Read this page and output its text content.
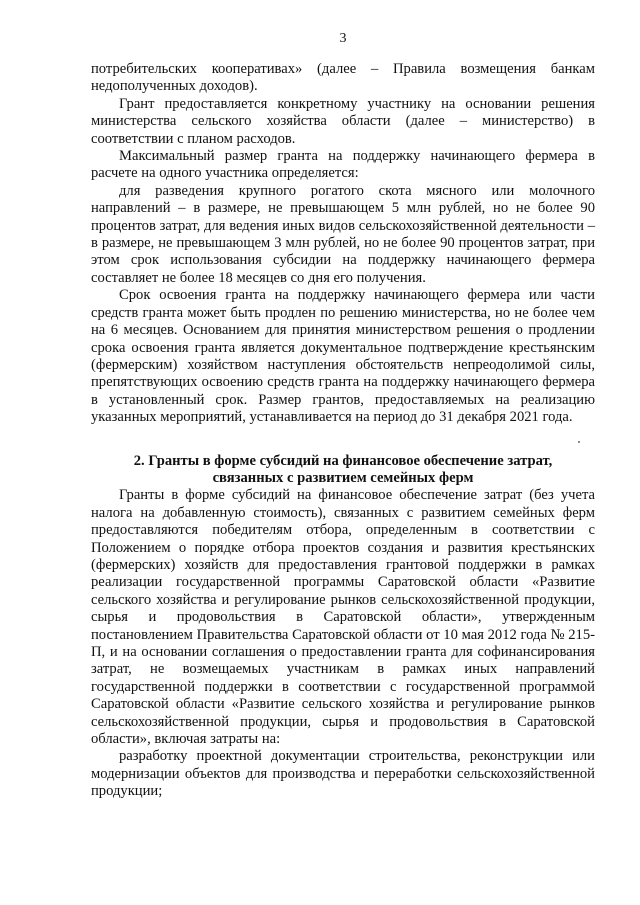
3

потребительских кооперативах» (далее – Правила возмещения банкам недополученных доходов).

Грант предоставляется конкретному участнику на основании решения министерства сельского хозяйства области (далее – министерство) в соответствии с планом расходов.

Максимальный размер гранта на поддержку начинающего фермера в расчете на одного участника определяется:

для разведения крупного рогатого скота мясного или молочного направлений – в размере, не превышающем 5 млн рублей, но не более 90 процентов затрат, для ведения иных видов сельскохозяйственной деятельности – в размере, не превышающем 3 млн рублей, но не более 90 процентов затрат, при этом срок использования субсидии на поддержку начинающего фермера составляет не более 18 месяцев со дня его получения.

Срок освоения гранта на поддержку начинающего фермера или части средств гранта может быть продлен по решению министерства, но не более чем на 6 месяцев. Основанием для принятия министерством решения о продлении срока освоения гранта является документальное подтверждение крестьянским (фермерским) хозяйством наступления обстоятельств непреодолимой силы, препятствующих освоению средств гранта на поддержку начинающего фермера в установленный срок. Размер грантов, предоставляемых на реализацию указанных мероприятий, устанавливается на период до 31 декабря 2021 года.

2. Гранты в форме субсидий на финансовое обеспечение затрат,
связанных с развитием семейных ферм

Гранты в форме субсидий на финансовое обеспечение затрат (без учета налога на добавленную стоимость), связанных с развитием семейных ферм предоставляются победителям отбора, определенным в соответствии с Положением о порядке отбора проектов создания и развития крестьянских (фермерских) хозяйств для предоставления грантовой поддержки в рамках реализации государственной программы Саратовской области «Развитие сельского хозяйства и регулирование рынков сельскохозяйственной продукции, сырья и продовольствия в Саратовской области», утвержденным постановлением Правительства Саратовской области от 10 мая 2012 года № 215-П, и на основании соглашения о предоставлении гранта для софинансирования затрат, не возмещаемых участникам в рамках иных направлений государственной поддержки в соответствии с государственной программой Саратовской области «Развитие сельского хозяйства и регулирование рынков сельскохозяйственной продукции, сырья и продовольствия в Саратовской области», включая затраты на:

разработку проектной документации строительства, реконструкции или модернизации объектов для производства и переработки сельскохозяйственной продукции;
